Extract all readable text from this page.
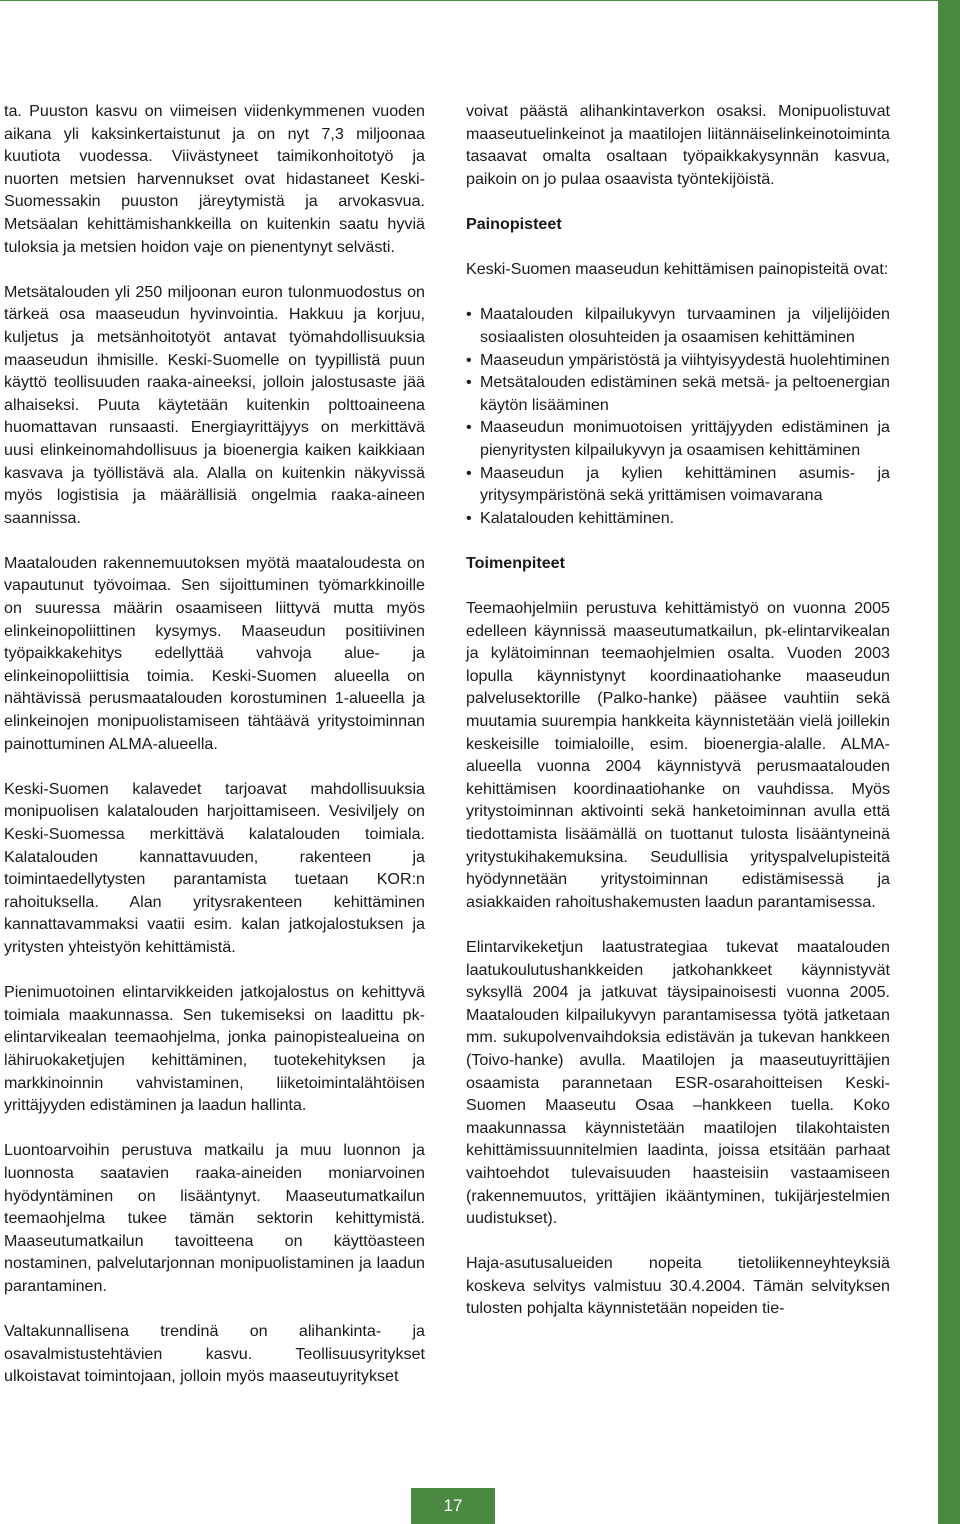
ta. Puuston kasvu on viimeisen viidenkymmenen vuoden aikana yli kaksinkertaistunut ja on nyt 7,3 miljoonaa kuutiota vuodessa. Viivästyneet taimikonhoitotyö ja nuorten metsien harvennukset ovat hidastaneet Keski-Suomessakin puuston järeytymistä ja arvokasvua. Metsäalan kehittämishankkeilla on kuitenkin saatu hyviä tuloksia ja metsien hoidon vaje on pienentynyt selvästi.

Metsätalouden yli 250 miljoonan euron tulonmuodostus on tärkeä osa maaseudun hyvinvointia. Hakkuu ja korjuu, kuljetus ja metsänhoitotyöt antavat työmahdollisuuksia maaseudun ihmisille. Keski-Suomelle on tyypillistä puun käyttö teollisuuden raaka-aineeksi, jolloin jalostusaste jää alhaiseksi. Puuta käytetään kuitenkin polttoaineena huomattavan runsaasti. Energiayrittäjyys on merkittävä uusi elinkeinomahdollisuus ja bioenergia kaiken kaikkiaan kasvava ja työllistävä ala. Alalla on kuitenkin näkyvissä myös logistisia ja määrällisiä ongelmia raaka-aineen saannissa.

Maatalouden rakennemuutoksen myötä maataloudesta on vapautunut työvoimaa. Sen sijoittuminen työmarkkinoille on suuressa määrin osaamiseen liittyvä mutta myös elinkeinopoliittinen kysymys. Maaseudun positiivinen työpaikkakehitys edellyttää vahvoja alue- ja elinkeinopoliittisia toimia. Keski-Suomen alueella on nähtävissä perusmaatalouden korostuminen 1-alueella ja elinkeinojen monipuolistamiseen tähtäävä yritystoiminnan painottuminen ALMA-alueella.

Keski-Suomen kalavedet tarjoavat mahdollisuuksia monipuolisen kalatalouden harjoittamiseen. Vesiviljely on Keski-Suomessa merkittävä kalatalouden toimiala. Kalatalouden kannattavuuden, rakenteen ja toimintaedellytysten parantamista tuetaan KOR:n rahoituksella. Alan yritysrakenteen kehittäminen kannattavammaksi vaatii esim. kalan jatkojalostuksen ja yritysten yhteistyön kehittämistä.

Pienimuotoinen elintarvikkeiden jatkojalostus on kehittyvä toimiala maakunnassa. Sen tukemiseksi on laadittu pk-elintarvikealan teemaohjelma, jonka painopistealueina on lähiruokaketjujen kehittäminen, tuotekehityksen ja markkinoinnin vahvistaminen, liiketoimintalähtöisen yrittäjyyden edistäminen ja laadun hallinta.

Luontoarvoihin perustuva matkailu ja muu luonnon ja luonnosta saatavien raaka-aineiden moniarvoinen hyödyntäminen on lisääntynyt. Maaseutumatkailun teemaohjelma tukee tämän sektorin kehittymistä. Maaseutumatkailun tavoitteena on käyttöasteen nostaminen, palvelutarjonnan monipuolistaminen ja laadun parantaminen.

Valtakunnallisena trendinä on alihankinta- ja osavalmistustehtävien kasvu. Teollisuusyritykset ulkoistavat toimintojaan, jolloin myös maaseutuyritykset

voivat päästä alihankintaverkon osaksi. Monipuolistuvat maaseutuelinkeinot ja maatilojen liitännäiselinkeinotoiminta tasaavat omalta osaltaan työpaikkakysynnän kasvua, paikoin on jo pulaa osaavista työntekijöistä.

Painopisteet

Keski-Suomen maaseudun kehittämisen painopisteitä ovat:

• Maatalouden kilpailukyvyn turvaaminen ja viljelijöiden sosiaalisten olosuhteiden ja osaamisen kehittäminen
• Maaseudun ympäristöstä ja viihtyisyydestä huolehtiminen
• Metsätalouden edistäminen sekä metsä- ja peltoenergian käytön lisääminen
• Maaseudun monimuotoisen yrittäjyyden edistäminen ja pienyritysten kilpailukyvyn ja osaamisen kehittäminen
• Maaseudun ja kylien kehittäminen asumis- ja yritysympäristönä sekä yrittämisen voimavarana
• Kalatalouden kehittäminen.
Toimenpiteet

Teemaohjelmiin perustuva kehittämistyö on vuonna 2005 edelleen käynnissä maaseutumatkailun, pk-elintarvikealan ja kylätoiminnan teemaohjelmien osalta. Vuoden 2003 lopulla käynnistynyt koordinaatiohanke maaseudun palvelusektorille (Palko-hanke) pääsee vauhtiin sekä muutamia suurempia hankkeita käynnistetään vielä joillekin keskeisille toimialoille, esim. bioenergia-alalle. ALMA-alueella vuonna 2004 käynnistyvä perusmaatalouden kehittämisen koordinaatiohanke on vauhdissa. Myös yritystoiminnan aktivointi sekä hanketoiminnan avulla että tiedottamista lisäämällä on tuottanut tulosta lisääntyneinä yritystukihakemuksina. Seudullisia yrityspalvelupisteitä hyödynnetään yritystoiminnan edistämisessä ja asiakkaiden rahoitushakemusten laadun parantamisessa.

Elintarvikeketjun laatustrategiaa tukevat maatalouden laatukoulutushankkeiden jatkohankkeet käynnistyvät syksyllä 2004 ja jatkuvat täysipainoisesti vuonna 2005. Maatalouden kilpailukyvyn parantamisessa työtä jatketaan mm. sukupolvenvaihdoksia edistävän ja tukevan hankkeen (Toivo-hanke) avulla. Maatilojen ja maaseutuyrittäjien osaamista parannetaan ESR-osarahoitteisen Keski-Suomen Maaseutu Osaa –hankkeen tuella. Koko maakunnassa käynnistetään maatilojen tilakohtaisten kehittämissuunnitelmien laadinta, joissa etsitään parhaat vaihtoehdot tulevaisuuden haasteisiin vastaamiseen (rakennemuutos, yrittäjien ikääntyminen, tukijärjestelmien uudistukset).

Haja-asutusalueiden nopeita tietoliikenneyhteyksiä koskeva selvitys valmistuu 30.4.2004. Tämän selvityksen tulosten pohjalta käynnistetään nopeiden tie-

17
